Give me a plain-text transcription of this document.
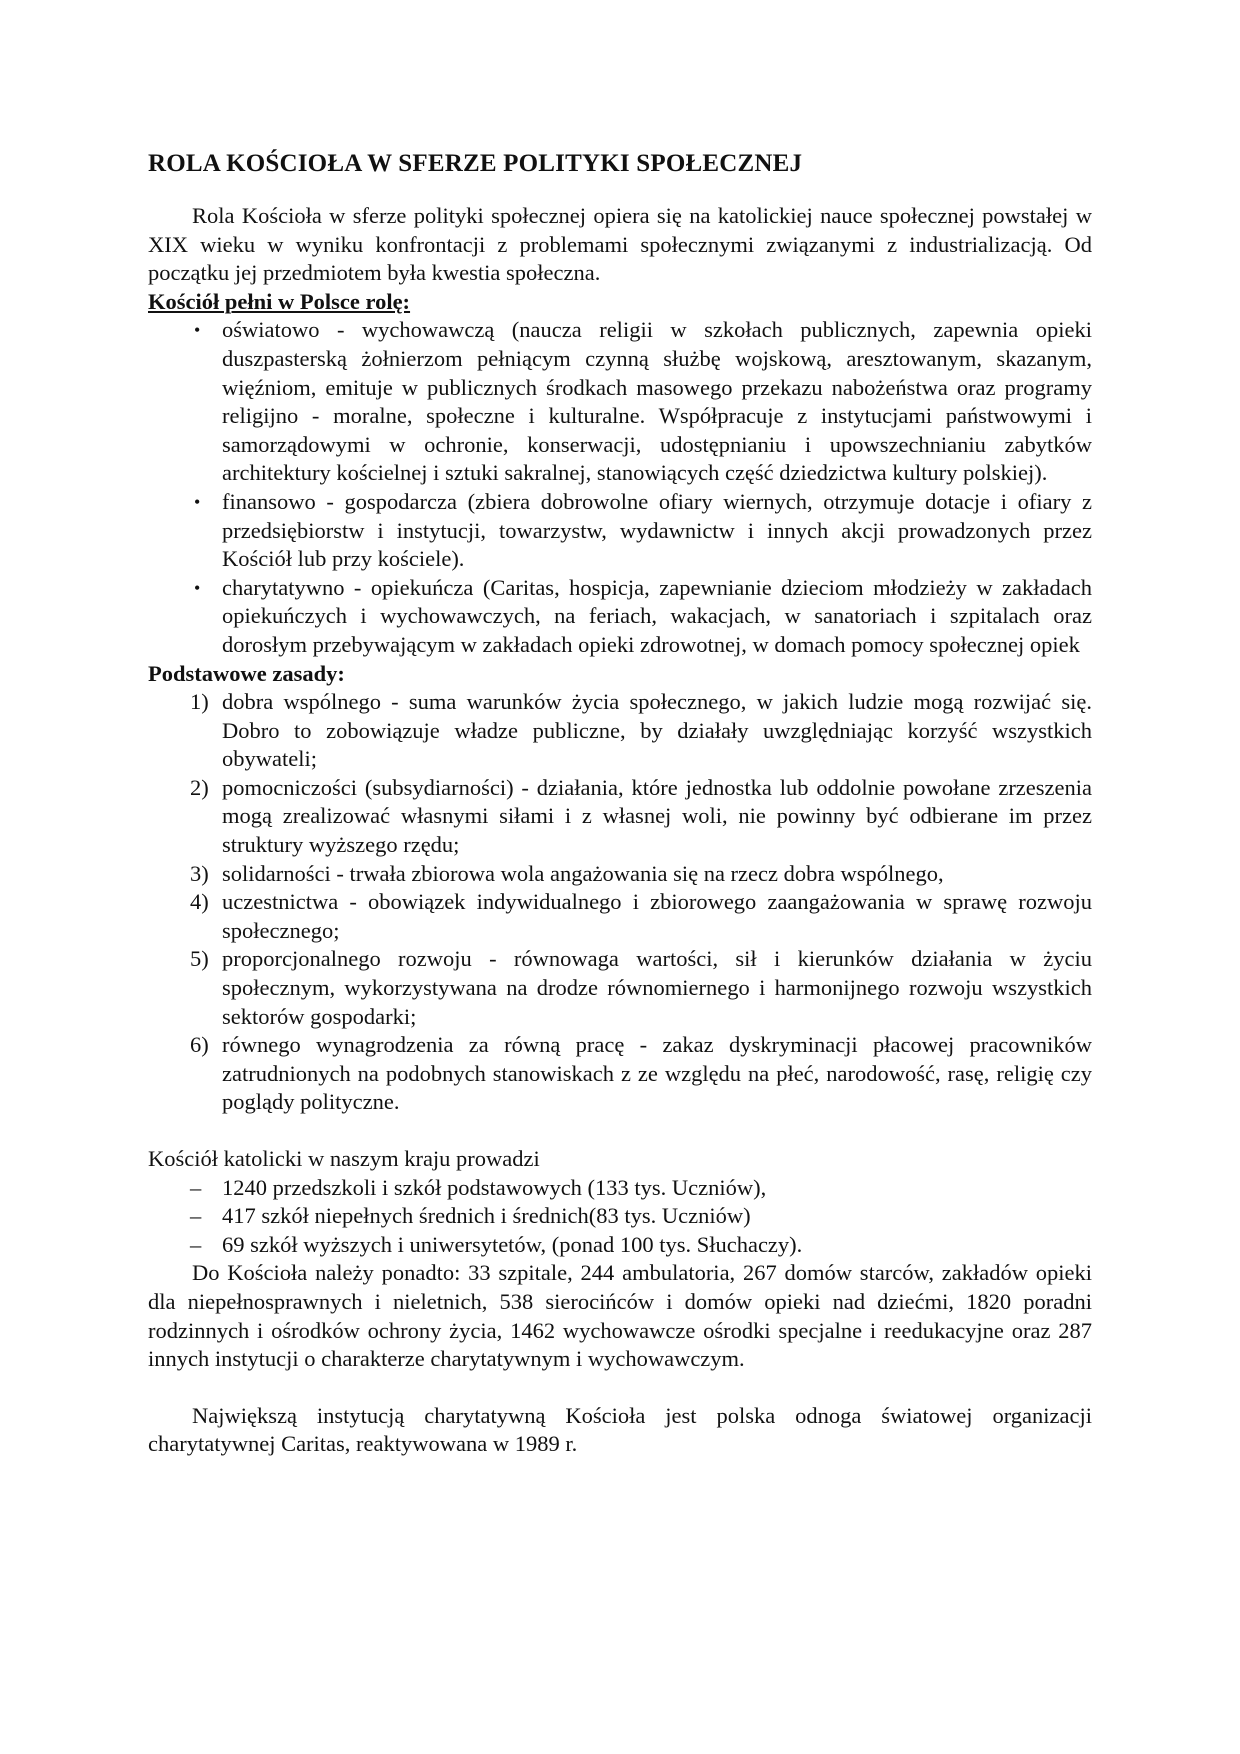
ROLA KOŚCIOŁA W SFERZE POLITYKI SPOŁECZNEJ

Rola Kościoła w sferze polityki społecznej opiera się na katolickiej nauce społecznej powstałej w XIX wieku w wyniku konfrontacji z problemami społecznymi związanymi z industrializacją. Od początku jej przedmiotem była kwestia społeczna.

Kościół pełni w Polsce rolę:

• oświatowo - wychowawczą (naucza religii w szkołach publicznych, zapewnia opieki duszpasterską żołnierzom pełniącym czynną służbę wojskową, aresztowanym, skazanym, więźniom, emituje w publicznych środkach masowego przekazu nabożeństwa oraz programy religijno - moralne, społeczne i kulturalne. Współpracuje z instytucjami państwowymi i samorządowymi w ochronie, konserwacji, udostępnianiu i upowszechnianiu zabytków architektury kościelnej i sztuki sakralnej, stanowiących część dziedzictwa kultury polskiej).
• finansowo - gospodarcza (zbiera dobrowolne ofiary wiernych, otrzymuje dotacje i ofiary z przedsiębiorstw i instytucji, towarzystw, wydawnictw i innych akcji prowadzonych przez Kościół lub przy kościele).
• charytatywno - opiekuńcza (Caritas, hospicja, zapewnianie dzieciom młodzieży w zakładach opiekuńczych i wychowawczych, na feriach, wakacjach, w sanatoriach i szpitalach oraz dorosłym przebywającym w zakładach opieki zdrowotnej, w domach pomocy społecznej opiek

Podstawowe zasady:

1) dobra wspólnego - suma warunków życia społecznego, w jakich ludzie mogą rozwijać się. Dobro to zobowiązuje władze publiczne, by działały uwzględniając korzyść wszystkich obywateli;
2) pomocniczości (subsydiarności) - działania, które jednostka lub oddolnie powołane zrzeszenia mogą zrealizować własnymi siłami i z własnej woli, nie powinny być odbierane im przez struktury wyższego rzędu;
3) solidarności - trwała zbiorowa wola angażowania się na rzecz dobra wspólnego,
4) uczestnictwa - obowiązek indywidualnego i zbiorowego zaangażowania w sprawę rozwoju społecznego;
5) proporcjonalnego rozwoju - równowaga wartości, sił i kierunków działania w życiu społecznym, wykorzystywana na drodze równomiernego i harmonijnego rozwoju wszystkich sektorów gospodarki;
6) równego wynagrodzenia za równą pracę - zakaz dyskryminacji płacowej pracowników zatrudnionych na podobnych stanowiskach z ze względu na płeć, narodowość, rasę, religię czy poglądy polityczne.

Kościół katolicki w naszym kraju prowadzi

– 1240 przedszkoli i szkół podstawowych (133 tys. Uczniów),
– 417 szkół niepełnych średnich i średnich(83 tys. Uczniów)
– 69 szkół wyższych i uniwersytetów, (ponad 100 tys. Słuchaczy).

Do Kościoła należy ponadto: 33 szpitale, 244 ambulatoria, 267 domów starców, zakładów opieki dla niepełnosprawnych i nieletnich, 538 sierocińców i domów opieki nad dziećmi, 1820 poradni rodzinnych i ośrodków ochrony życia, 1462 wychowawcze ośrodki specjalne i reedukacyjne oraz 287 innych instytucji o charakterze charytatywnym i wychowawczym.

Największą instytucją charytatywną Kościoła jest polska odnoga światowej organizacji charytatywnej Caritas, reaktywowana w 1989 r.
